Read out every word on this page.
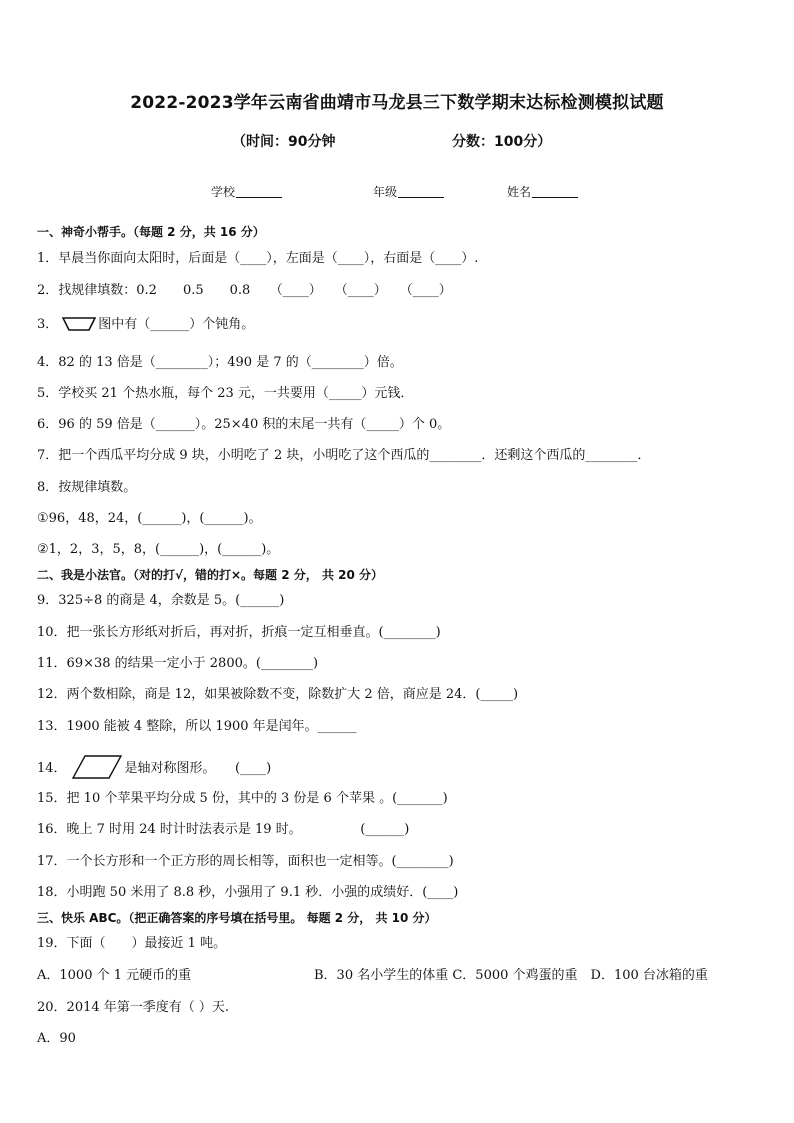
2022-2023学年云南省曲靖市马龙县三下数学期末达标检测模拟试题
（时间：90分钟	分数：100分）
学校	年级	姓名
一、神奇小帮手。（每题 2 分，共 16 分）
1．早晨当你面向太阳时，后面是（____），左面是（____），右面是（____）.
2．找规律填数：0.2　　0.5　　0.8　　（____）　　（____）　　（____）
3．	图中有（______）个钝角。
4．82 的 13 倍是（________）；490 是 7 的（________）倍。
5．学校买 21 个热水瓶，每个 23 元，一共要用（_____）元钱．
6．96 的 59 倍是（______）。25×40 积的末尾一共有（_____）个 0。
7．把一个西瓜平均分成 9 块，小明吃了 2 块，小明吃了这个西瓜的________．还剩这个西瓜的________．
8．按规律填数。
①96，48，24，(______)，(______)。
②1，2，3，5，8，(______)，(______)。
二、我是小法官。（对的打√，错的打×。每题 2 分， 共 20 分）
9．325÷8 的商是 4，余数是 5。(______)
10．把一张长方形纸对折后，再对折，折痕一定互相垂直。(________)
11．69×38 的结果一定小于 2800。(________)
12．两个数相除，商是 12，如果被除数不变，除数扩大 2 倍，商应是 24．(_____)
13．1900 能被 4 整除，所以 1900 年是闰年。______
14．	是轴对称图形。　　(____)
15．把 10 个苹果平均分成 5 份，其中的 3 份是 6 个苹果 。(_______)
16．晚上 7 时用 24 时计时法表示是 19 时。　　　　　(______)
17．一个长方形和一个正方形的周长相等，面积也一定相等。(________)
18．小明跑 50 米用了 8.8 秒，小强用了 9.1 秒．小强的成绩好．(____)
三、快乐 ABC。（把正确答案的序号填在括号里。 每题 2 分， 共 10 分）
19．下面（　　）最接近 1 吨。
A．1000 个 1 元硬币的重	B．30 名小学生的体重 C．5000 个鸡蛋的重　D．100 台冰箱的重
20．2014 年第一季度有（ ）天.
A．90
